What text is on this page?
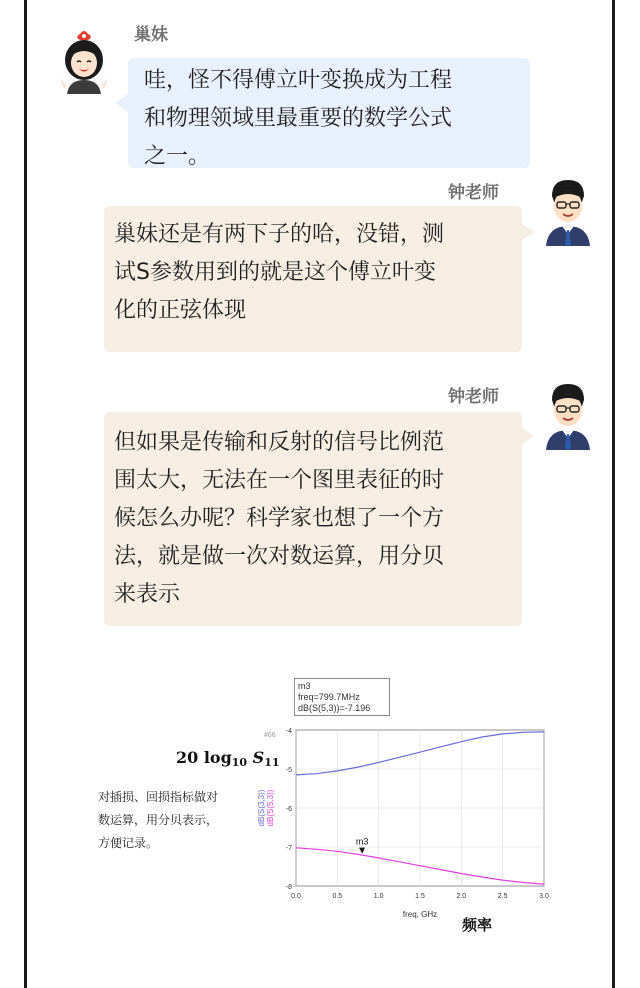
巢妹
哇，怪不得傅立叶变换成为工程
和物理领域里最重要的数学公式
之一。
钟老师
巢妹还是有两下子的哈，没错，测
试S参数用到的就是这个傅立叶变
化的正弦体现
钟老师
但如果是传输和反射的信号比例范
围太大，无法在一个图里表征的时
候怎么办呢？科学家也想了一个方
法，就是做一次对数运算，用分贝
来表示
20 $\log_{10} S_{11}$
对插损、回损指标做对
数运算，用分贝表示，
方便记录。
m3
freq=799.7MHz
dB(S(5,3))=-7.196
#66
-4
-5
-6
-7
-8
0.0	0.5	1.0	1.5	2.0	2.5	3.0
dB(S(3,3)) dB(S(5,3))
freq, GHz
m3
频率
